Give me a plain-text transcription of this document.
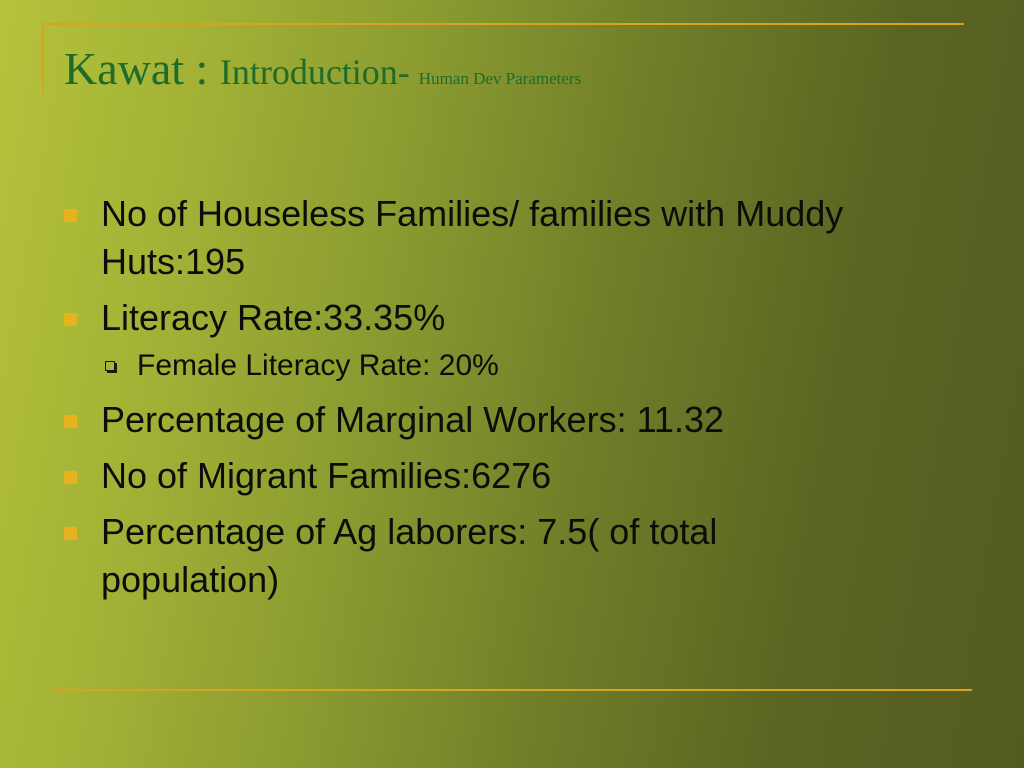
Kawat : Introduction- Human Dev Parameters
No of Houseless Families/ families with Muddy Huts:195
Literacy Rate:33.35%
Female Literacy Rate: 20%
Percentage of Marginal Workers: 11.32
No of Migrant Families:6276
Percentage of Ag laborers: 7.5( of total population)
